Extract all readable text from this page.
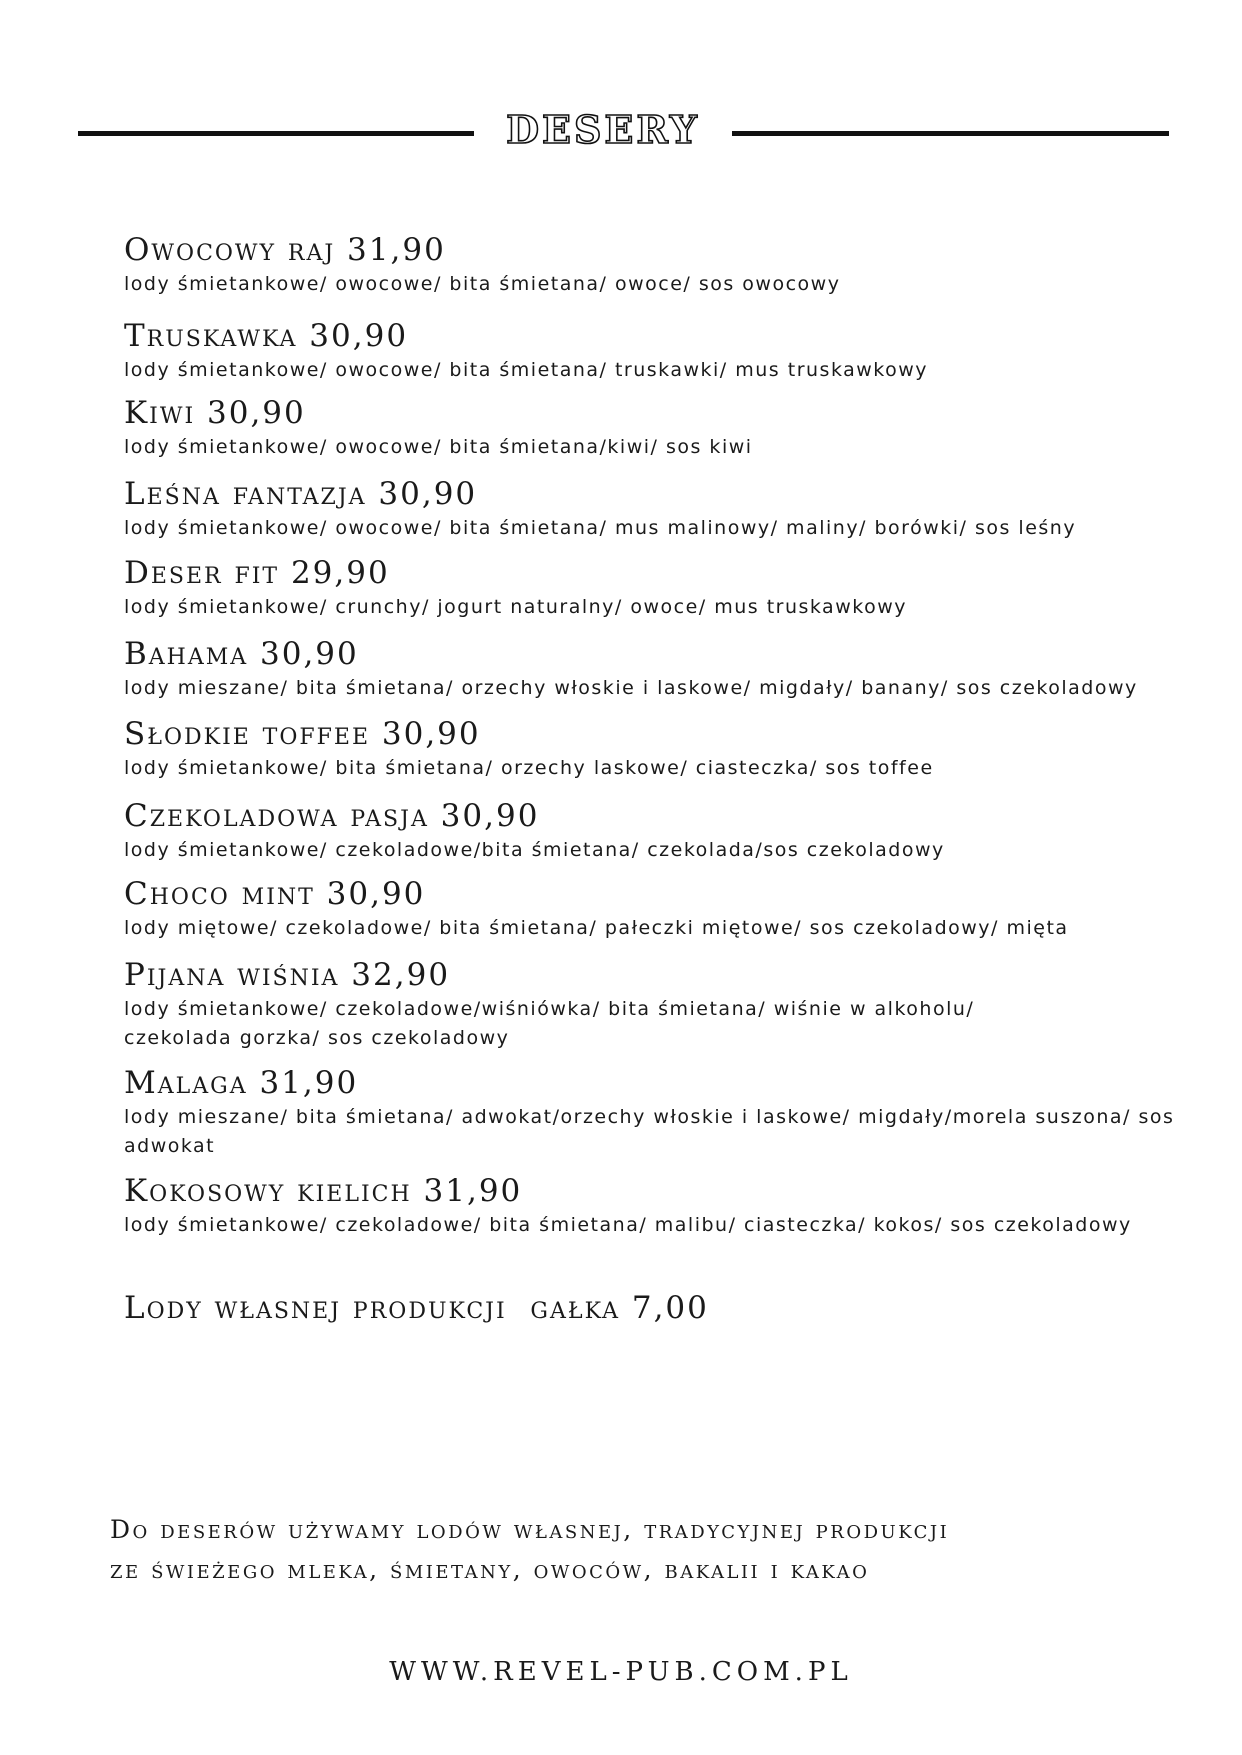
DESERY
Owocowy raj 31,90
lody śmietankowe/ owocowe/ bita śmietana/ owoce/ sos owocowy
Truskawka 30,90
lody śmietankowe/ owocowe/ bita śmietana/ truskawki/ mus truskawkowy
Kiwi 30,90
lody śmietankowe/ owocowe/ bita śmietana/kiwi/ sos kiwi
Leśna fantazja 30,90
lody śmietankowe/ owocowe/ bita śmietana/ mus malinowy/ maliny/ borówki/ sos leśny
Deser fit 29,90
lody śmietankowe/ crunchy/ jogurt naturalny/ owoce/ mus truskawkowy
Bahama 30,90
lody mieszane/ bita śmietana/ orzechy włoskie i laskowe/ migdały/ banany/ sos czekoladowy
Słodkie toffee 30,90
lody śmietankowe/ bita śmietana/ orzechy laskowe/ ciasteczka/ sos toffee
Czekoladowa pasja 30,90
lody śmietankowe/ czekoladowe/bita śmietana/ czekolada/sos czekoladowy
Choco mint 30,90
lody miętowe/ czekoladowe/ bita śmietana/ pałeczki miętowe/ sos czekoladowy/ mięta
Pijana wiśnia 32,90
lody śmietankowe/ czekoladowe/wiśniówka/ bita śmietana/ wiśnie w alkoholu/ czekolada gorzka/ sos czekoladowy
Malaga 31,90
lody mieszane/ bita śmietana/ adwokat/orzechy włoskie i laskowe/ migdały/morela suszona/ sos adwokat
Kokosowy kielich 31,90
lody śmietankowe/ czekoladowe/ bita śmietana/ malibu/ ciasteczka/ kokos/ sos czekoladowy
Lody własnej produkcji  gałka 7,00
Do deserów używamy lodów własnej, tradycyjnej produkcji
ze świeżego mleka, śmietany, owoców, bakalii i kakao
WWW.REVEL-PUB.COM.PL
